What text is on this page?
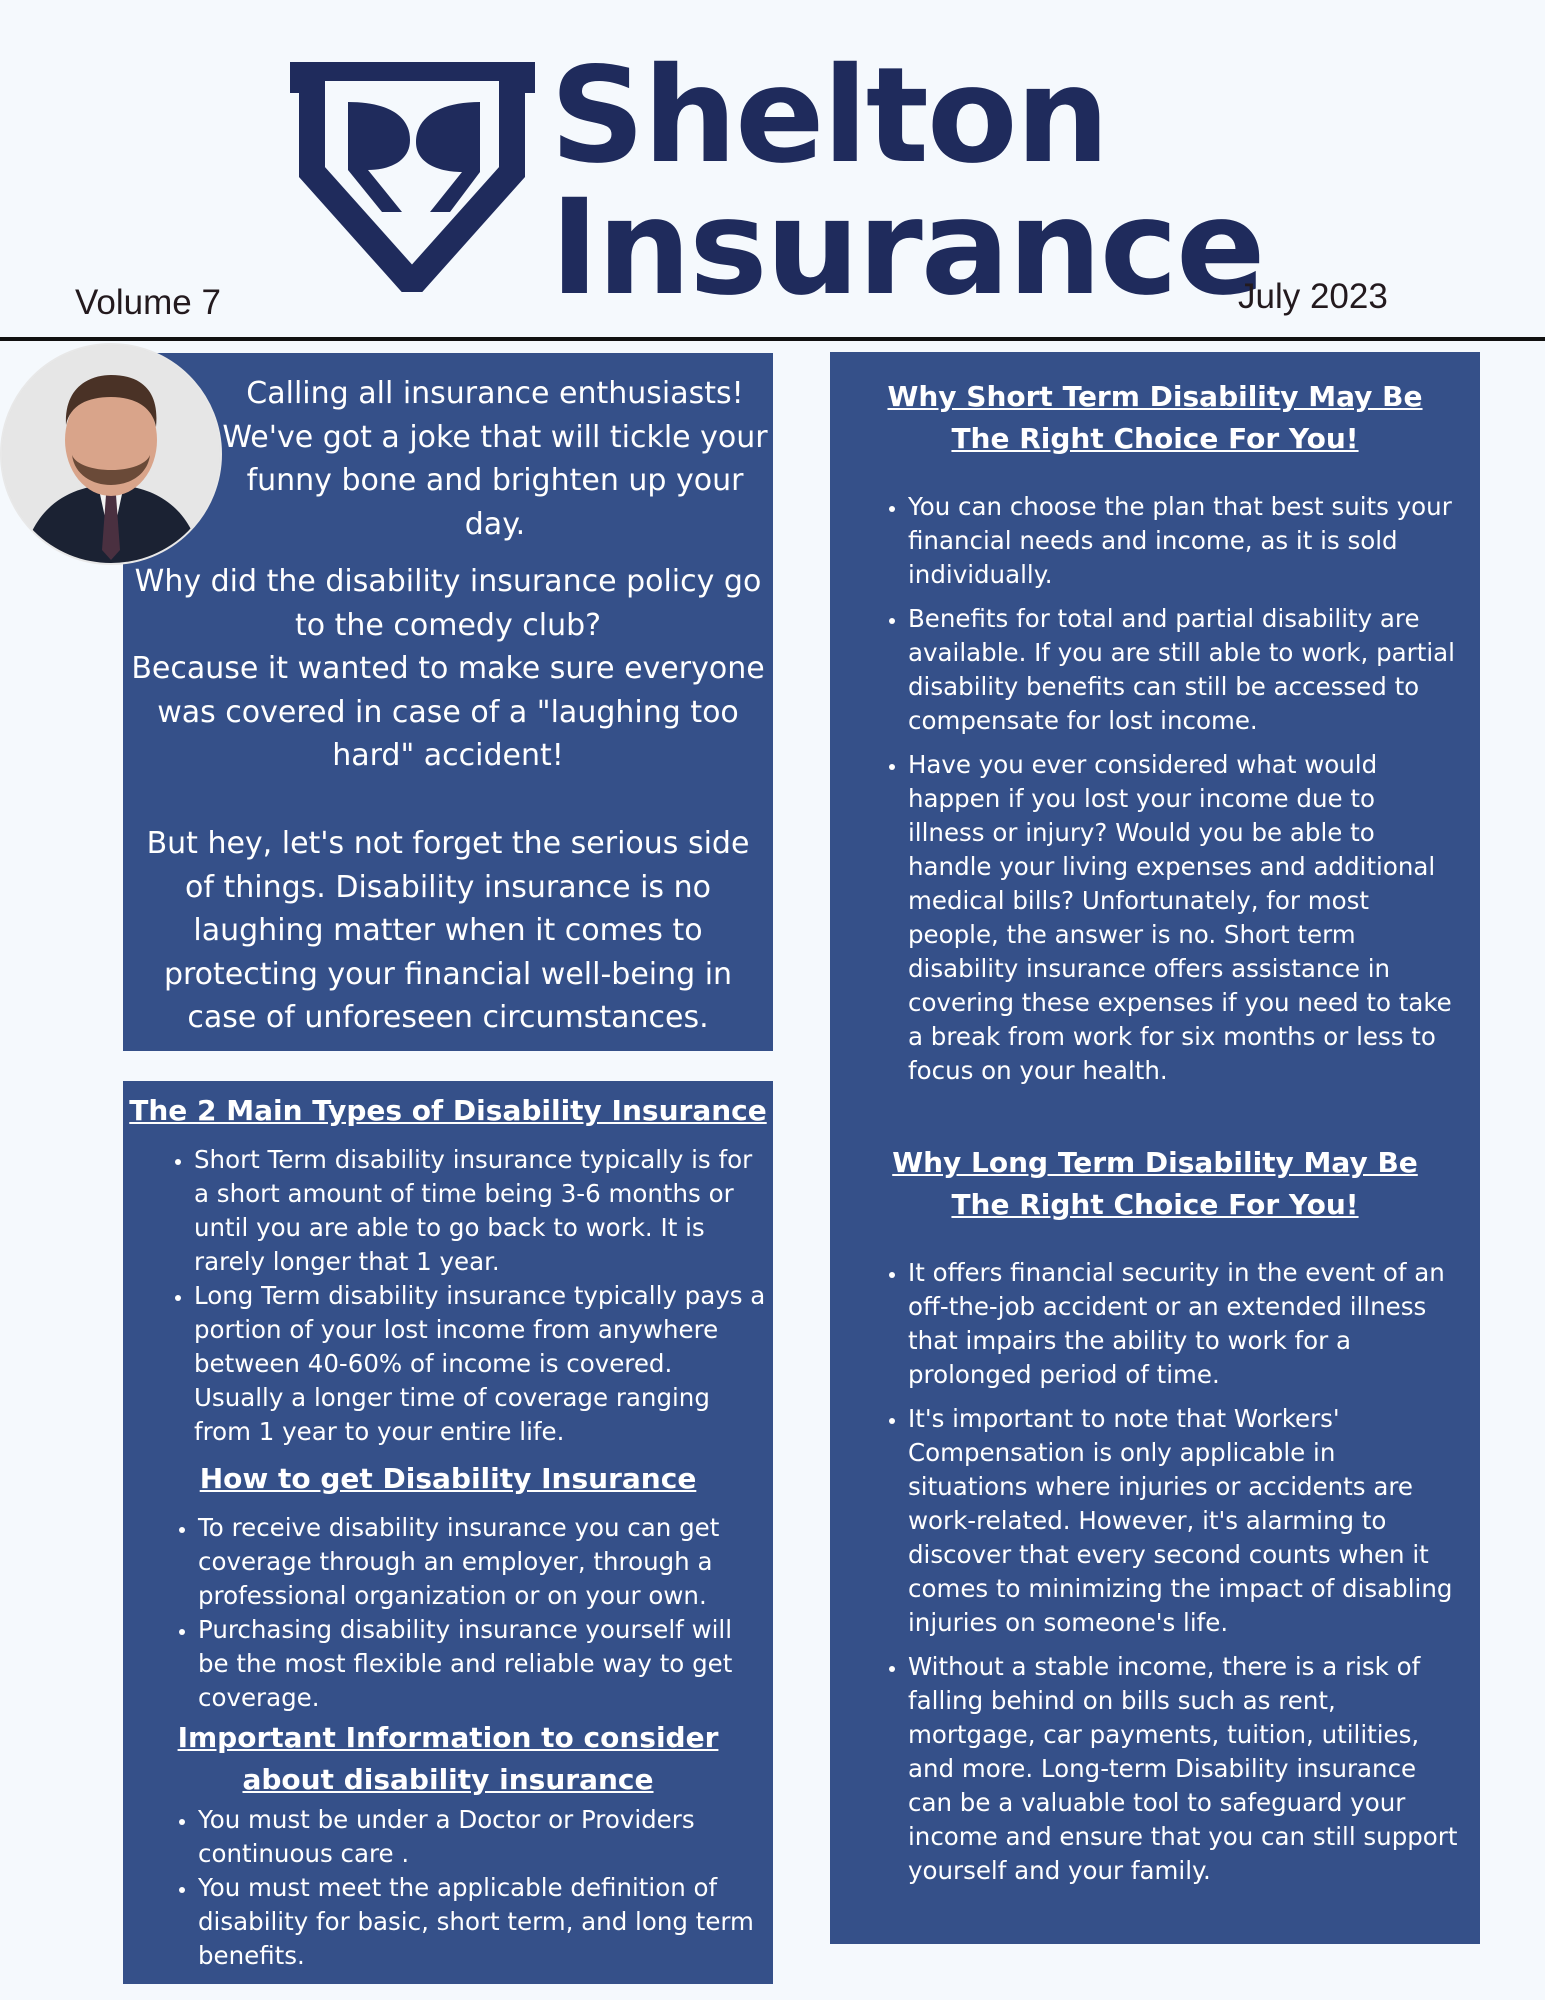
Shelton
Insurance
Volume 7	July 2023
Calling all insurance enthusiasts! We've got a joke that will tickle your funny bone and brighten up your day.
Why did the disability insurance policy go to the comedy club?
Because it wanted to make sure everyone was covered in case of a "laughing too hard" accident!
But hey, let's not forget the serious side of things. Disability insurance is no laughing matter when it comes to protecting your financial well-being in case of unforeseen circumstances.
The 2 Main Types of Disability Insurance
• Short Term disability insurance typically is for a short amount of time being 3-6 months or until you are able to go back to work. It is rarely longer that 1 year.
• Long Term disability insurance typically pays a portion of your lost income from anywhere between 40-60% of income is covered. Usually a longer time of coverage ranging from 1 year to your entire life.
How to get Disability Insurance
• To receive disability insurance you can get coverage through an employer, through a professional organization or on your own.
• Purchasing disability insurance yourself will be the most flexible and reliable way to get coverage.
Important Information to consider about disability insurance
• You must be under a Doctor or Providers continuous care .
• You must meet the applicable definition of disability for basic, short term, and long term benefits.
Why Short Term Disability May Be The Right Choice For You!
• You can choose the plan that best suits your financial needs and income, as it is sold individually.
• Benefits for total and partial disability are available. If you are still able to work, partial disability benefits can still be accessed to compensate for lost income.
• Have you ever considered what would happen if you lost your income due to illness or injury? Would you be able to handle your living expenses and additional medical bills? Unfortunately, for most people, the answer is no. Short term disability insurance offers assistance in covering these expenses if you need to take a break from work for six months or less to focus on your health.
Why Long Term Disability May Be The Right Choice For You!
• It offers financial security in the event of an off-the-job accident or an extended illness that impairs the ability to work for a prolonged period of time.
• It's important to note that Workers' Compensation is only applicable in situations where injuries or accidents are work-related. However, it's alarming to discover that every second counts when it comes to minimizing the impact of disabling injuries on someone's life.
• Without a stable income, there is a risk of falling behind on bills such as rent, mortgage, car payments, tuition, utilities, and more. Long-term Disability insurance can be a valuable tool to safeguard your income and ensure that you can still support yourself and your family.
